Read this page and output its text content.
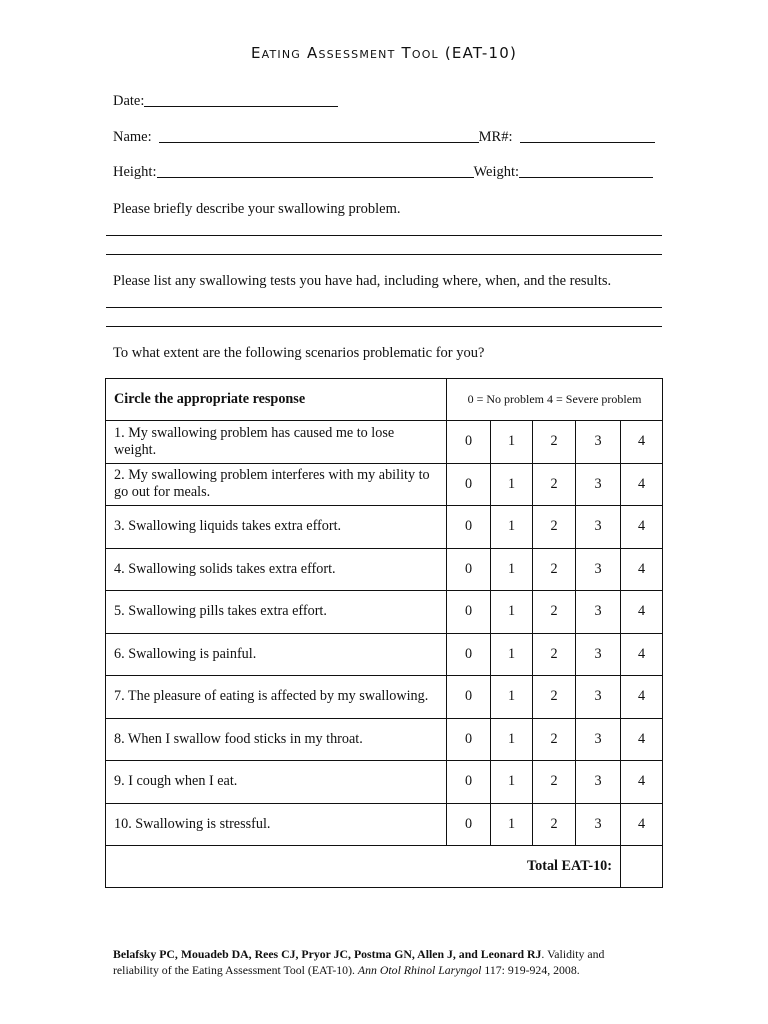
Eating Assessment Tool (EAT-10)
Date:
Name:	MR#:
Height:	Weight:
Please briefly describe your swallowing problem.
Please list any swallowing tests you have had, including where, when, and the results.
To what extent are the following scenarios problematic for you?
Circle the appropriate response	0 = No problem 4 = Severe problem				
1. My swallowing problem has caused me to lose weight.	0	1	2	3	4
2. My swallowing problem interferes with my ability to go out for meals.	0	1	2	3	4
3. Swallowing liquids takes extra effort.	0	1	2	3	4
4. Swallowing solids takes extra effort.	0	1	2	3	4
5. Swallowing pills takes extra effort.	0	1	2	3	4
6. Swallowing is painful.	0	1	2	3	4
7. The pleasure of eating is affected by my swallowing.	0	1	2	3	4
8. When I swallow food sticks in my throat.	0	1	2	3	4
9. I cough when I eat.	0	1	2	3	4
10. Swallowing is stressful.	0	1	2	3	4
Total EAT-10:					
Belafsky PC, Mouadeb DA, Rees CJ, Pryor JC, Postma GN, Allen J, and Leonard RJ. Validity and reliability of the Eating Assessment Tool (EAT-10). Ann Otol Rhinol Laryngol 117: 919-924, 2008.
